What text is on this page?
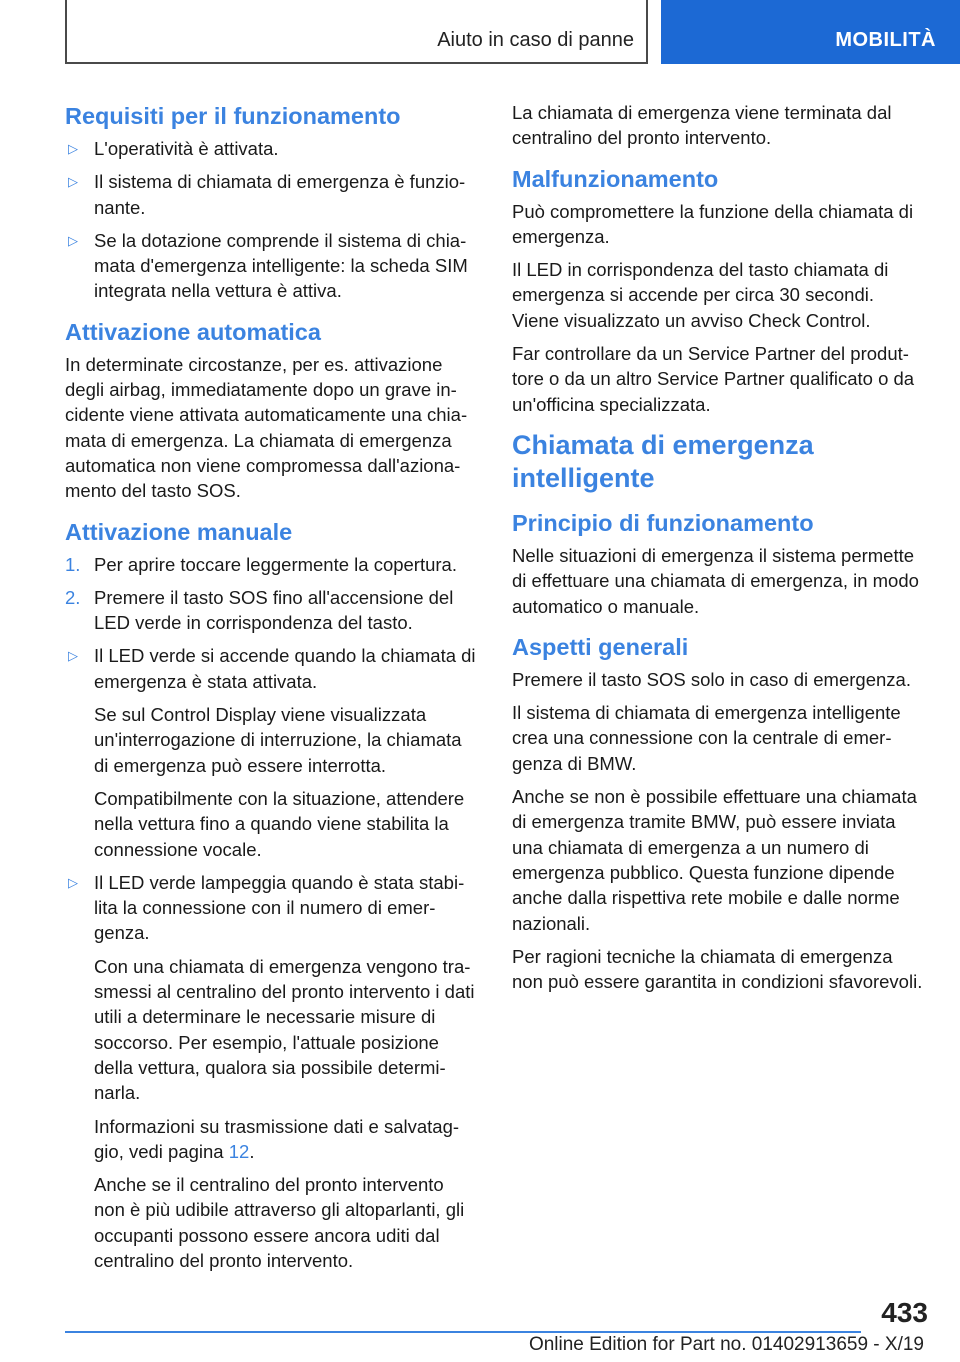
Aiuto in caso di panne	MOBILITÀ
Requisiti per il funzionamento
▷ L'operatività è attivata.
▷ Il sistema di chiamata di emergenza è funzionante.
▷ Se la dotazione comprende il sistema di chiamata d'emergenza intelligente: la scheda SIM integrata nella vettura è attiva.
Attivazione automatica

In determinate circostanze, per es. attivazione degli airbag, immediatamente dopo un grave incidente viene attivata automaticamente una chiamata di emergenza. La chiamata di emergenza automatica non viene compromessa dall'azionamento del tasto SOS.

Attivazione manuale
1. Per aprire toccare leggermente la copertura.
2. Premere il tasto SOS fino all'accensione del LED verde in corrispondenza del tasto.
▷ Il LED verde si accende quando la chiamata di emergenza è stata attivata.

Se sul Control Display viene visualizzata un'interrogazione di interruzione, la chiamata di emergenza può essere interrotta.

Compatibilmente con la situazione, attendere nella vettura fino a quando viene stabilita la connessione vocale.

▷ Il LED verde lampeggia quando è stata stabilita la connessione con il numero di emergenza.

Con una chiamata di emergenza vengono trasmessi al centralino del pronto intervento i dati utili a determinare le necessarie misure di soccorso. Per esempio, l'attuale posizione della vettura, qualora sia possibile determinarla.

Informazioni su trasmissione dati e salvataggio, vedi pagina 12.

Anche se il centralino del pronto intervento non è più udibile attraverso gli altoparlanti, gli occupanti possono essere ancora uditi dal centralino del pronto intervento.

La chiamata di emergenza viene terminata dal centralino del pronto intervento.

Malfunzionamento

Può compromettere la funzione della chiamata di emergenza.

Il LED in corrispondenza del tasto chiamata di emergenza si accende per circa 30 secondi. Viene visualizzato un avviso Check Control.

Far controllare da un Service Partner del produttore o da un altro Service Partner qualificato o da un'officina specializzata.

Chiamata di emergenza intelligente
Principio di funzionamento

Nelle situazioni di emergenza il sistema permette di effettuare una chiamata di emergenza, in modo automatico o manuale.

Aspetti generali

Premere il tasto SOS solo in caso di emergenza.

Il sistema di chiamata di emergenza intelligente crea una connessione con la centrale di emergenza di BMW.

Anche se non è possibile effettuare una chiamata di emergenza tramite BMW, può essere inviata una chiamata di emergenza a un numero di emergenza pubblico. Questa funzione dipende anche dalla rispettiva rete mobile e dalle norme nazionali.

Per ragioni tecniche la chiamata di emergenza non può essere garantita in condizioni sfavorevoli.

433
Online Edition for Part no. 01402913659 - X/19
